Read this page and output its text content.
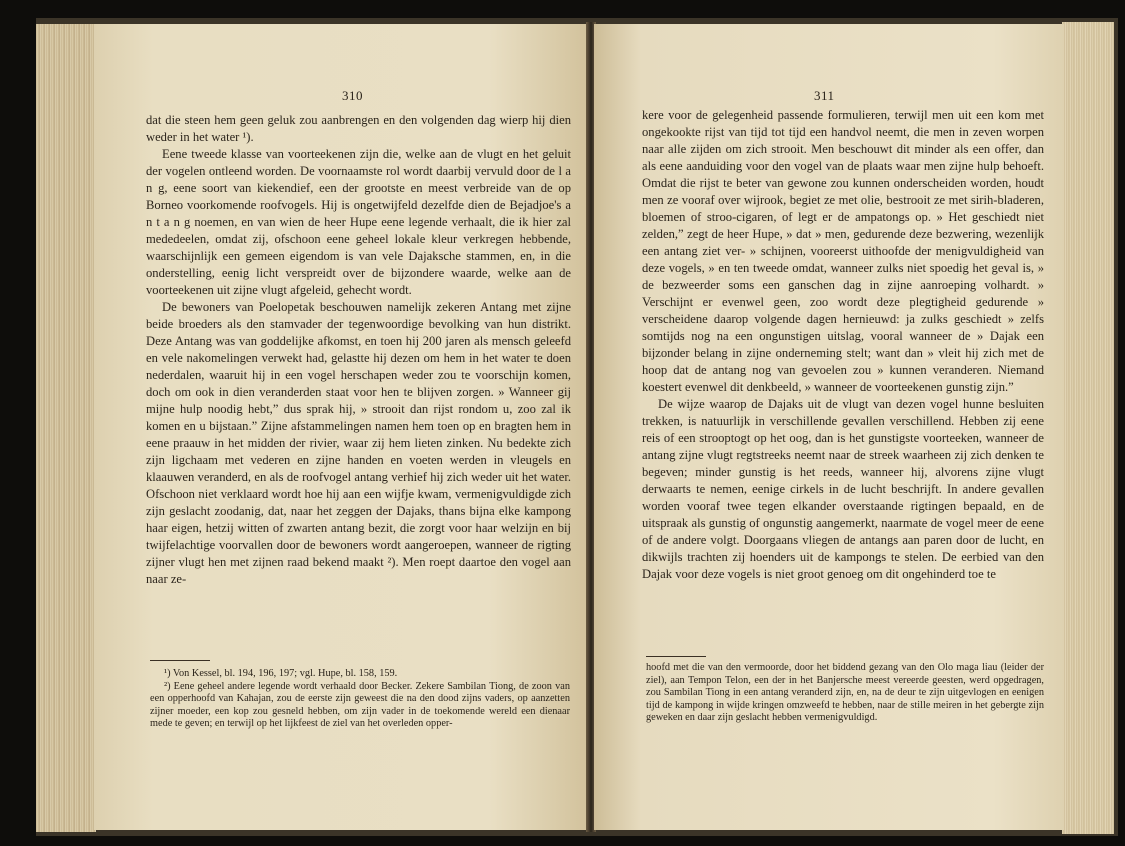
310

dat die steen hem geen geluk zou aanbrengen en den volgenden dag wierp hij dien weder in het water ¹).

Eene tweede klasse van voorteekenen zijn die, welke aan de vlugt en het geluit der vogelen ontleend worden. De voornaamste rol wordt daarbij vervuld door de l a n g, eene soort van kiekendief, een der grootste en meest verbreide van de op Borneo voorkomende roofvogels. Hij is ongetwijfeld dezelfde dien de Bejadjoe's a n t a n g noemen, en van wien de heer Hupe eene legende verhaalt, die ik hier zal mededeelen, omdat zij, ofschoon eene geheel lokale kleur verkregen hebbende, waarschijnlijk een gemeen eigendom is van vele Dajaksche stammen, en, in die onderstelling, eenig licht verspreidt over de bijzondere waarde, welke aan de voorteekenen uit zijne vlugt afgeleid, gehecht wordt.

De bewoners van Poelopetak beschouwen namelijk zekeren Antang met zijne beide broeders als den stamvader der tegenwoordige bevolking van hun distrikt. Deze Antang was van goddelijke afkomst, en toen hij 200 jaren als mensch geleefd en vele nakomelingen verwekt had, gelastte hij dezen om hem in het water te doen nederdalen, waaruit hij in een vogel herschapen weder zou te voorschijn komen, doch om ook in dien veranderden staat voor hen te blijven zorgen. » Wanneer gij mijne hulp noodig hebt,” dus sprak hij, » strooit dan rijst rondom u, zoo zal ik komen en u bijstaan.” Zijne afstammelingen namen hem toen op en bragten hem in eene praauw in het midden der rivier, waar zij hem lieten zinken. Nu bedekte zich zijn ligchaam met vederen en zijne handen en voeten werden in vleugels en klaauwen veranderd, en als de roofvogel antang verhief hij zich weder uit het water. Ofschoon niet verklaard wordt hoe hij aan een wijfje kwam, vermenigvuldigde zich zijn geslacht zoodanig, dat, naar het zeggen der Dajaks, thans bijna elke kampong haar eigen, hetzij witten of zwarten antang bezit, die zorgt voor haar welzijn en bij twijfelachtige voorvallen door de bewoners wordt aangeroepen, wanneer de rigting zijner vlugt hen met zijnen raad bekend maakt ²). Men roept daartoe den vogel aan naar ze-

¹) Von Kessel, bl. 194, 196, 197; vgl. Hupe, bl. 158, 159.

²) Eene geheel andere legende wordt verhaald door Becker. Zekere Sambilan Tiong, de zoon van een opperhoofd van Kahajan, zou de eerste zijn geweest die na den dood zijns vaders, op aanzetten zijner moeder, een kop zou gesneld hebben, om zijn vader in de toekomende wereld een dienaar mede te geven; en terwijl op het lijkfeest de ziel van het overleden opper-

311

kere voor de gelegenheid passende formulieren, terwijl men uit een kom met ongekookte rijst van tijd tot tijd een handvol neemt, die men in zeven worpen naar alle zijden om zich strooit. Men beschouwt dit minder als een offer, dan als eene aanduiding voor den vogel van de plaats waar men zijne hulp behoeft. Omdat die rijst te beter van gewone zou kunnen onderscheiden worden, houdt men ze vooraf over wijrook, begiet ze met olie, bestrooit ze met sirih-bladeren, bloemen of stroo-cigaren, of legt er de ampatongs op. » Het geschiedt niet zelden,” zegt de heer Hupe, » dat » men, gedurende deze bezwering, wezenlijk een antang ziet ver- » schijnen, vooreerst uithoofde der menigvuldigheid van deze vogels, » en ten tweede omdat, wanneer zulks niet spoedig het geval is, » de bezweerder soms een ganschen dag in zijne aanroeping volhardt. » Verschijnt er evenwel geen, zoo wordt deze plegtigheid gedurende » verscheidene daarop volgende dagen hernieuwd: ja zulks geschiedt » zelfs somtijds nog na een ongunstigen uitslag, vooral wanneer de » Dajak een bijzonder belang in zijne onderneming stelt; want dan » vleit hij zich met de hoop dat de antang nog van gevoelen zou » kunnen veranderen. Niemand koestert evenwel dit denkbeeld, » wanneer de voorteekenen gunstig zijn.”

De wijze waarop de Dajaks uit de vlugt van dezen vogel hunne besluiten trekken, is natuurlijk in verschillende gevallen verschillend. Hebben zij eene reis of een strooptogt op het oog, dan is het gunstigste voorteeken, wanneer de antang zijne vlugt regtstreeks neemt naar de streek waarheen zij zich denken te begeven; minder gunstig is het reeds, wanneer hij, alvorens zijne vlugt derwaarts te nemen, eenige cirkels in de lucht beschrijft. In andere gevallen worden vooraf twee tegen elkander overstaande rigtingen bepaald, en de uitspraak als gunstig of ongunstig aangemerkt, naarmate de vogel meer de eene of de andere volgt. Doorgaans vliegen de antangs aan paren door de lucht, en dikwijls trachten zij hoenders uit de kampongs te stelen. De eerbied van den Dajak voor deze vogels is niet groot genoeg om dit ongehinderd toe te

hoofd met die van den vermoorde, door het biddend gezang van den Olo maga liau (leider der ziel), aan Tempon Telon, een der in het Banjersche meest vereerde geesten, werd opgedragen, zou Sambilan Tiong in een antang veranderd zijn, en, na de deur te zijn uitgevlogen en eenigen tijd de kampong in wijde kringen omzweefd te hebben, naar de stille meiren in het gebergte zijn geweken en daar zijn geslacht hebben vermenigvuldigd.
